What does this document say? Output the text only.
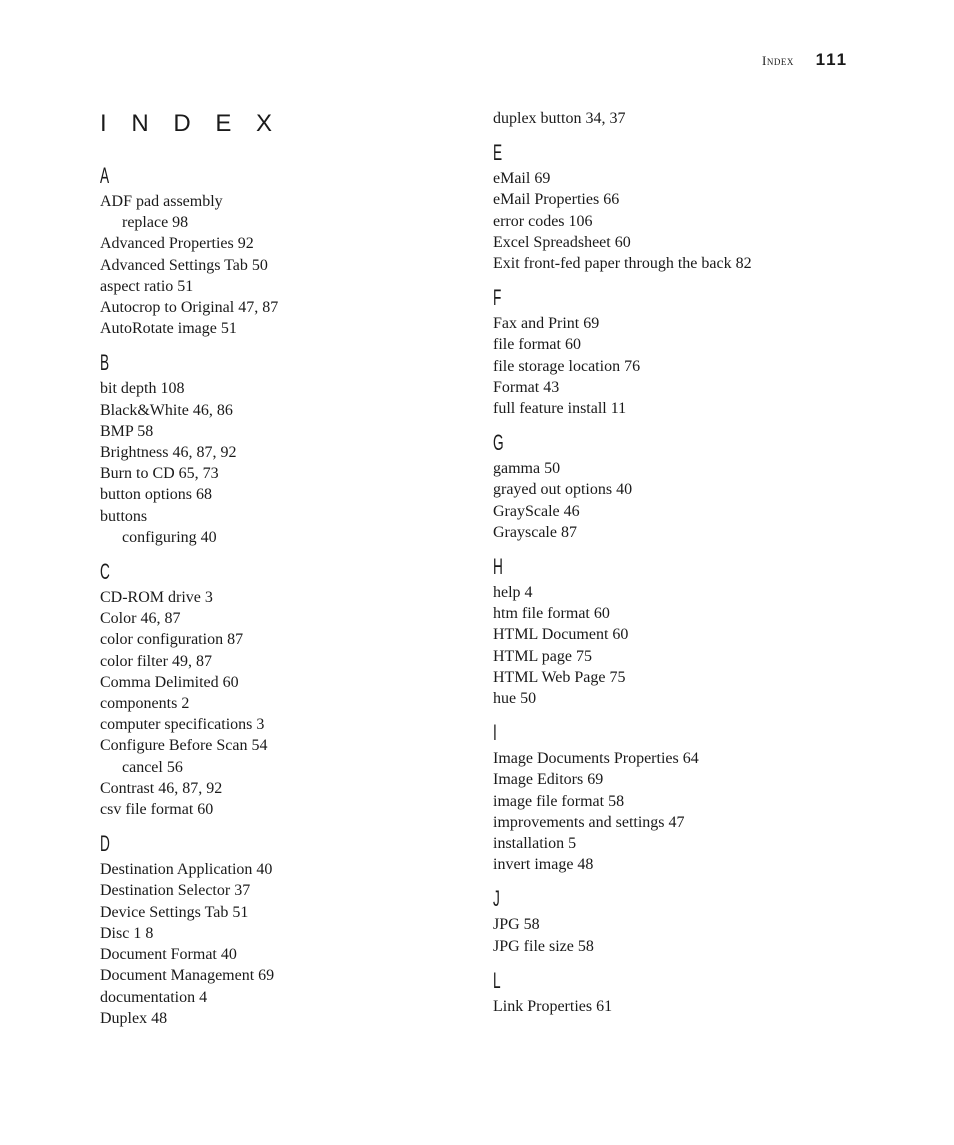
Index 111
I N D E X
A
ADF pad assembly
replace 98
Advanced Properties 92
Advanced Settings Tab 50
aspect ratio 51
Autocrop to Original 47, 87
AutoRotate image 51
B
bit depth 108
Black&White 46, 86
BMP 58
Brightness 46, 87, 92
Burn to CD 65, 73
button options 68
buttons
configuring 40
C
CD-ROM drive 3
Color 46, 87
color configuration 87
color filter 49, 87
Comma Delimited 60
components 2
computer specifications 3
Configure Before Scan 54
cancel 56
Contrast 46, 87, 92
csv file format 60
D
Destination Application 40
Destination Selector 37
Device Settings Tab 51
Disc 1 8
Document Format 40
Document Management 69
documentation 4
Duplex 48
duplex button 34, 37
E
eMail 69
eMail Properties 66
error codes 106
Excel Spreadsheet 60
Exit front-fed paper through the back 82
F
Fax and Print 69
file format 60
file storage location 76
Format 43
full feature install 11
G
gamma 50
grayed out options 40
GrayScale 46
Grayscale 87
H
help 4
htm file format 60
HTML Document 60
HTML page 75
HTML Web Page 75
hue 50
I
Image Documents Properties 64
Image Editors 69
image file format 58
improvements and settings 47
installation 5
invert image 48
J
JPG 58
JPG file size 58
L
Link Properties 61
